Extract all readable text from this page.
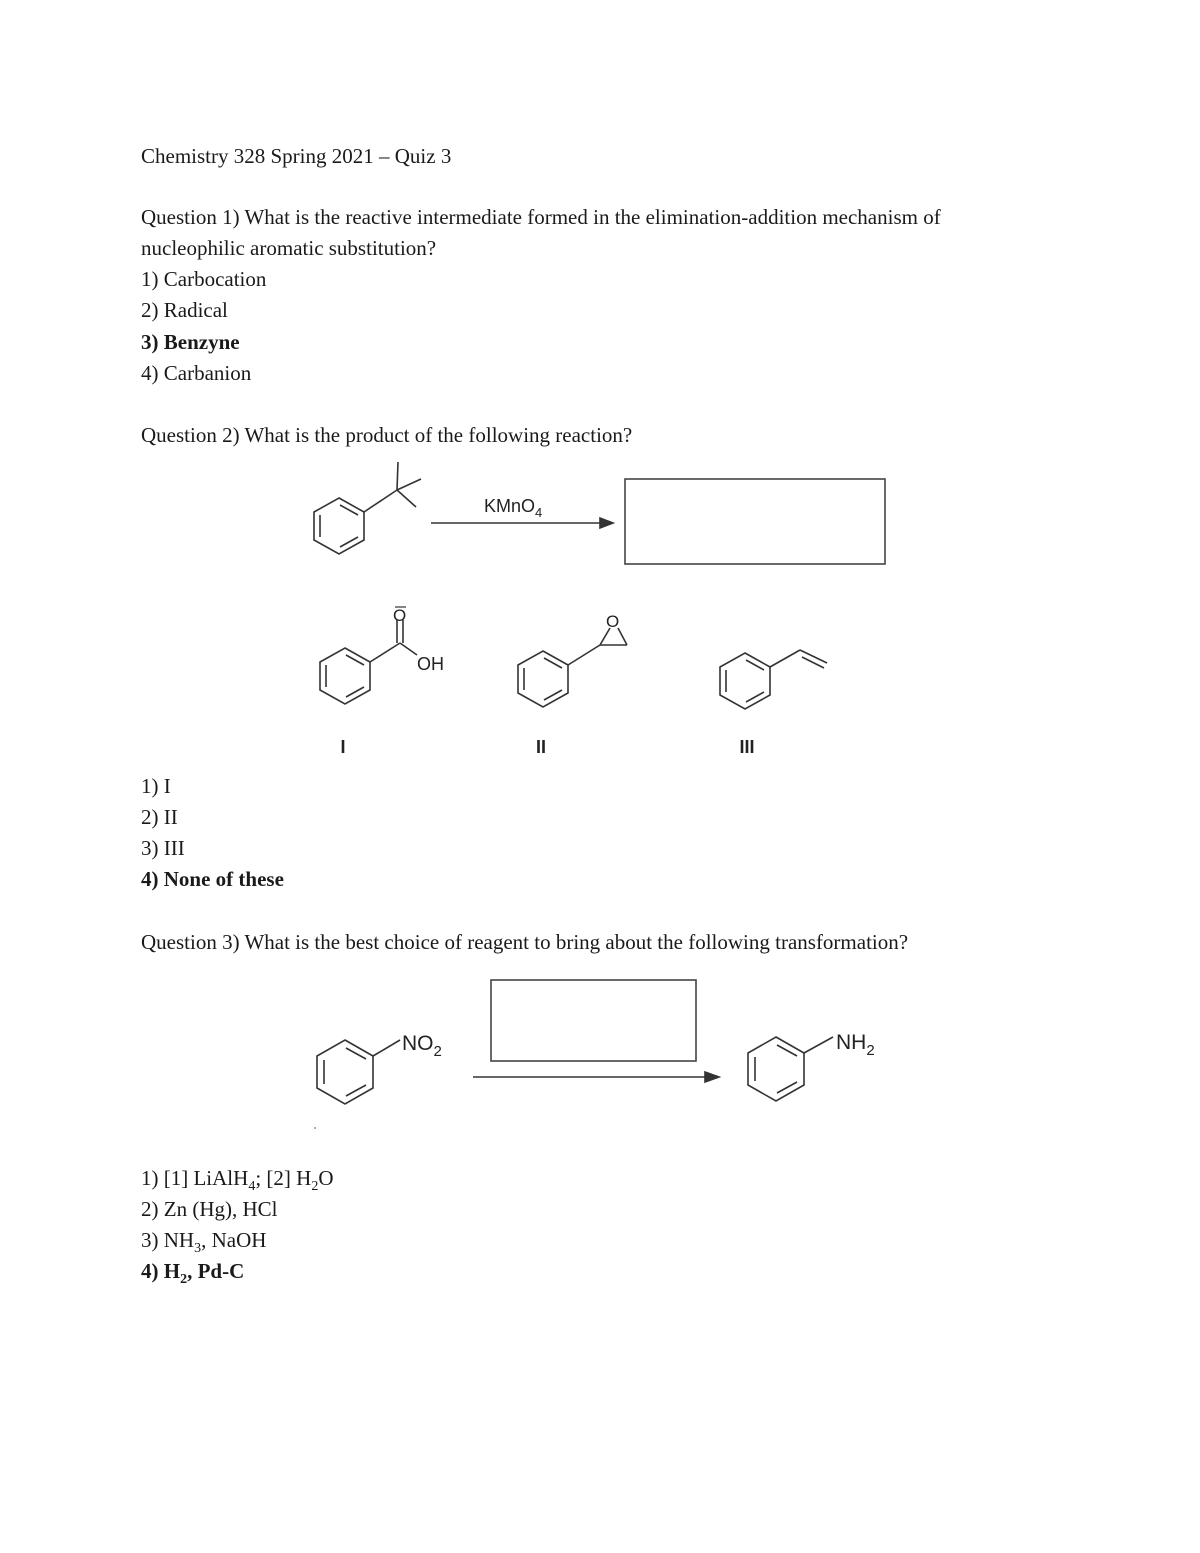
Chemistry 328 Spring 2021 – Quiz 3
Question 1) What is the reactive intermediate formed in the elimination-addition mechanism of
nucleophilic aromatic substitution?
1) Carbocation
2) Radical
3) Benzyne
4) Carbanion
Question 2) What is the product of the following reaction?
KMnO$_4$
O
OH
O
I	II	III
1) I
2) II
3) III
4) None of these
Question 3) What is the best choice of reagent to bring about the following transformation?
$NO_2$	$NH_2$
1) [1] LiAlH$_4$; [2] $H_2O$
2) Zn (Hg), HCl
3) $NH_3$, NaOH
4) $H_2$, Pd-C
